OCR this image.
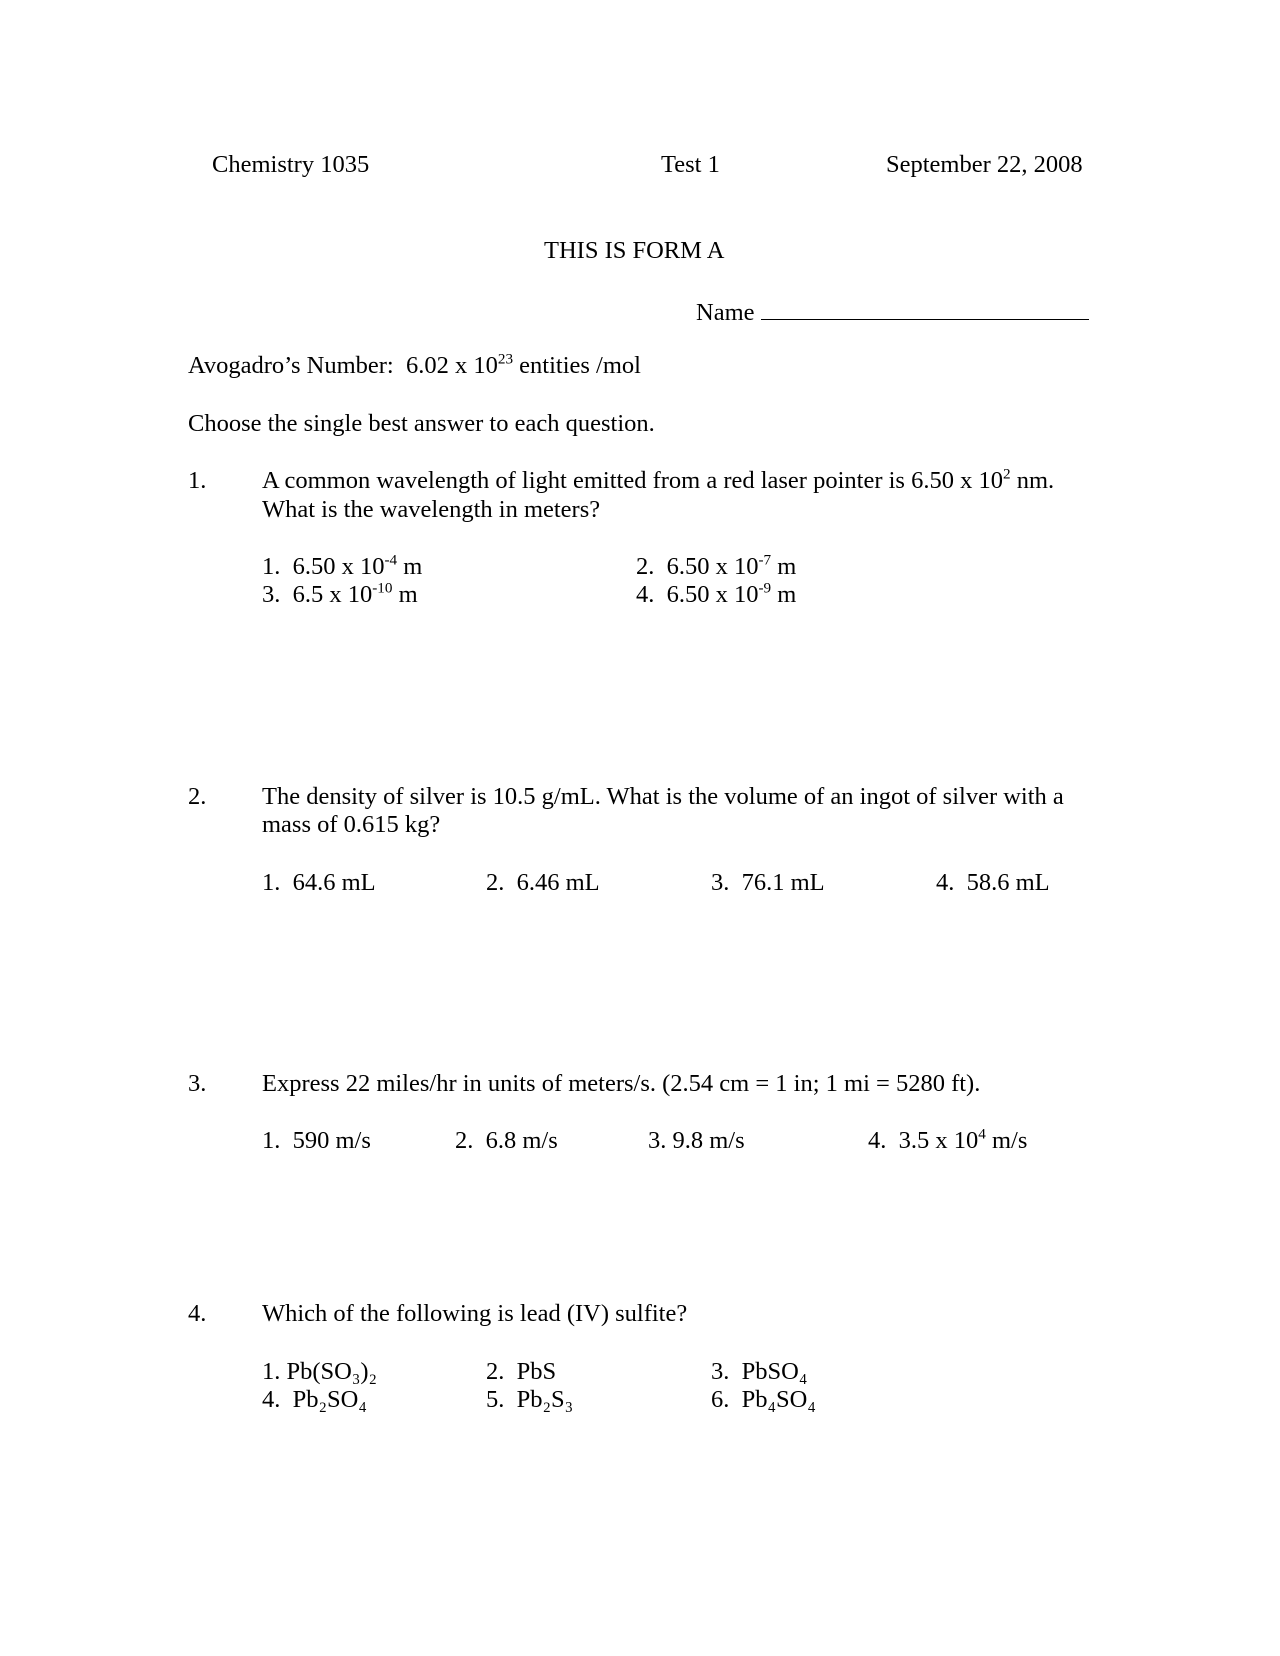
Chemistry 1035	Test 1	September 22, 2008
THIS IS FORM A
Name
Avogadro’s Number: 6.02 x $10^{23}$ entities /mol
Choose the single best answer to each question.
1. A common wavelength of light emitted from a red laser pointer is 6.50 x $10^2$ nm.
What is the wavelength in meters?
1. 6.50 x $10^{-4}$ m	2. 6.50 x $10^{-7}$ m
3. 6.5 x $10^{-10}$ m	4. 6.50 x $10^{-9}$ m
2. The density of silver is 10.5 g/mL. What is the volume of an ingot of silver with a
mass of 0.615 kg?
1. 64.6 mL	2. 6.46 mL	3. 76.1 mL	4. 58.6 mL
3. Express 22 miles/hr in units of meters/s. (2.54 cm = 1 in; 1 mi = 5280 ft).
1. 590 m/s	2. 6.8 m/s	3. 9.8 m/s	4. 3.5 x $10^4$ m/s
4. Which of the following is lead (IV) sulfite?
1. Pb(SO₃)₂	2. PbS	3. PbSO₄
4. Pb₂SO₄	5. Pb₂S₃	6. Pb₄SO₄
